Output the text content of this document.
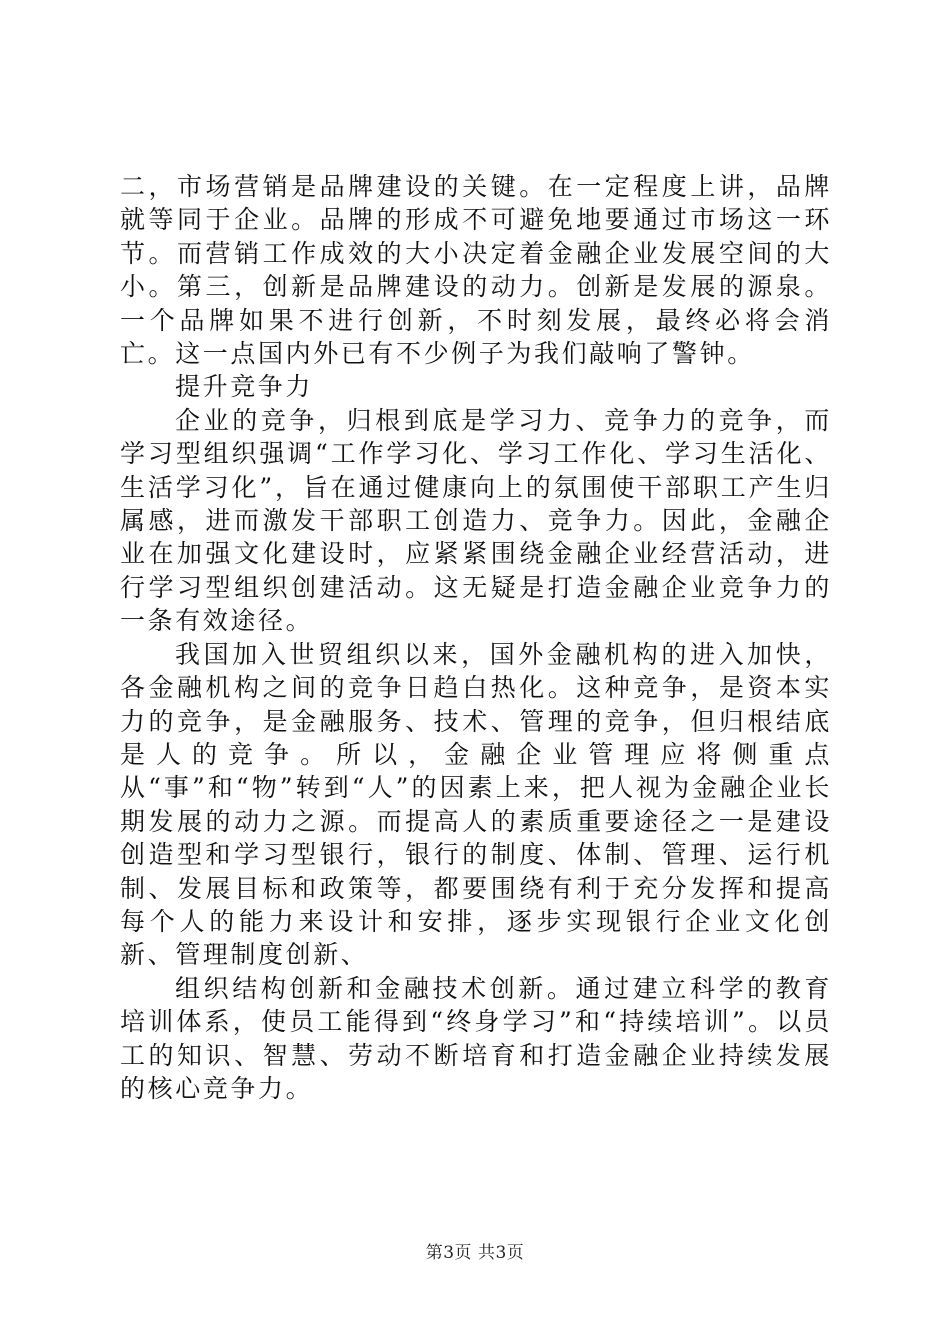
二，市场营销是品牌建设的关键。在一定程度上讲，品牌就等同于企业。品牌的形成不可避免地要通过市场这一环节。而营销工作成效的大小决定着金融企业发展空间的大小。第三，创新是品牌建设的动力。创新是发展的源泉。一个品牌如果不进行创新，不时刻发展，最终必将会消亡。这一点国内外已有不少例子为我们敲响了警钟。

提升竞争力

企业的竞争，归根到底是学习力、竞争力的竞争，而学习型组织强调“工作学习化、学习工作化、学习生活化、生活学习化”，旨在通过健康向上的氛围使干部职工产生归属感，进而激发干部职工创造力、竞争力。因此，金融企业在加强文化建设时，应紧紧围绕金融企业经营活动，进行学习型组织创建活动。这无疑是打造金融企业竞争力的一条有效途径。

我国加入世贸组织以来，国外金融机构的进入加快，各金融机构之间的竞争日趋白热化。这种竞争，是资本实力的竞争，是金融服务、技术、管理的竞争，但归根结底是人的竞争。所以，金融企业管理应将侧重点从“事”和“物”转到“人”的因素上来，把人视为金融企业长期发展的动力之源。而提高人的素质重要途径之一是建设创造型和学习型银行，银行的制度、体制、管理、运行机制、发展目标和政策等，都要围绕有利于充分发挥和提高每个人的能力来设计和安排，逐步实现银行企业文化创新、管理制度创新、

组织结构创新和金融技术创新。通过建立科学的教育培训体系，使员工能得到“终身学习”和“持续培训”。以员工的知识、智慧、劳动不断培育和打造金融企业持续发展的核心竞争力。

第3页 共3页
